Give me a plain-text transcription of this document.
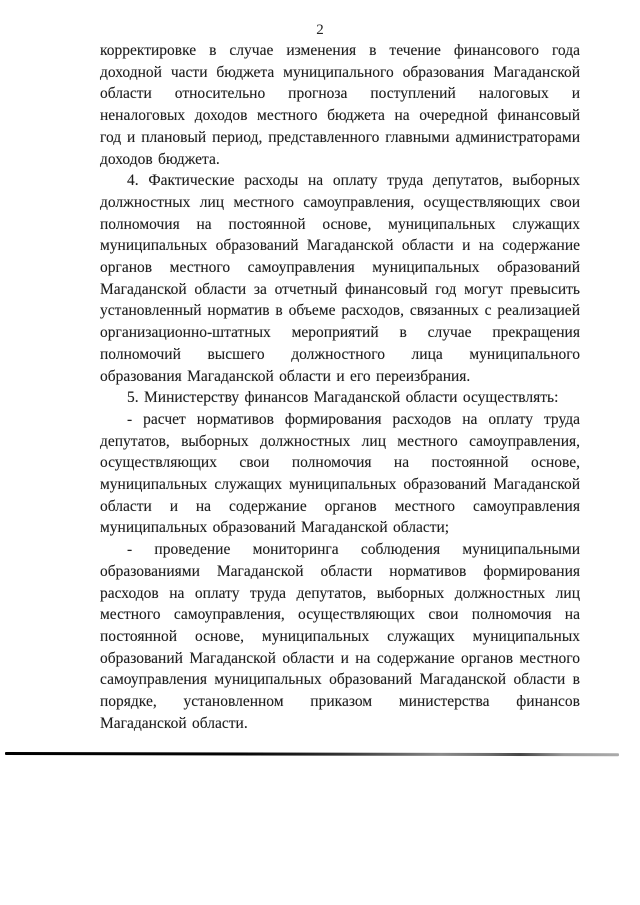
2

корректировке в случае изменения в течение финансового года доходной части бюджета муниципального образования Магаданской области относительно прогноза поступлений налоговых и неналоговых доходов местного бюджета на очередной финансовый год и плановый период, представленного главными администраторами доходов бюджета.

4. Фактические расходы на оплату труда депутатов, выборных должностных лиц местного самоуправления, осуществляющих свои полномочия на постоянной основе, муниципальных служащих муниципальных образований Магаданской области и на содержание органов местного самоуправления муниципальных образований Магаданской области за отчетный финансовый год могут превысить установленный норматив в объеме расходов, связанных с реализацией организационно-штатных мероприятий в случае прекращения полномочий высшего должностного лица муниципального образования Магаданской области и его переизбрания.

5. Министерству финансов Магаданской области осуществлять:

- расчет нормативов формирования расходов на оплату труда депутатов, выборных должностных лиц местного самоуправления, осуществляющих свои полномочия на постоянной основе, муниципальных служащих муниципальных образований Магаданской области и на содержание органов местного самоуправления муниципальных образований Магаданской области;

- проведение мониторинга соблюдения муниципальными образованиями Магаданской области нормативов формирования расходов на оплату труда депутатов, выборных должностных лиц местного самоуправления, осуществляющих свои полномочия на постоянной основе, муниципальных служащих муниципальных образований Магаданской области и на содержание органов местного самоуправления муниципальных образований Магаданской области в порядке, установленном приказом министерства финансов Магаданской области.
